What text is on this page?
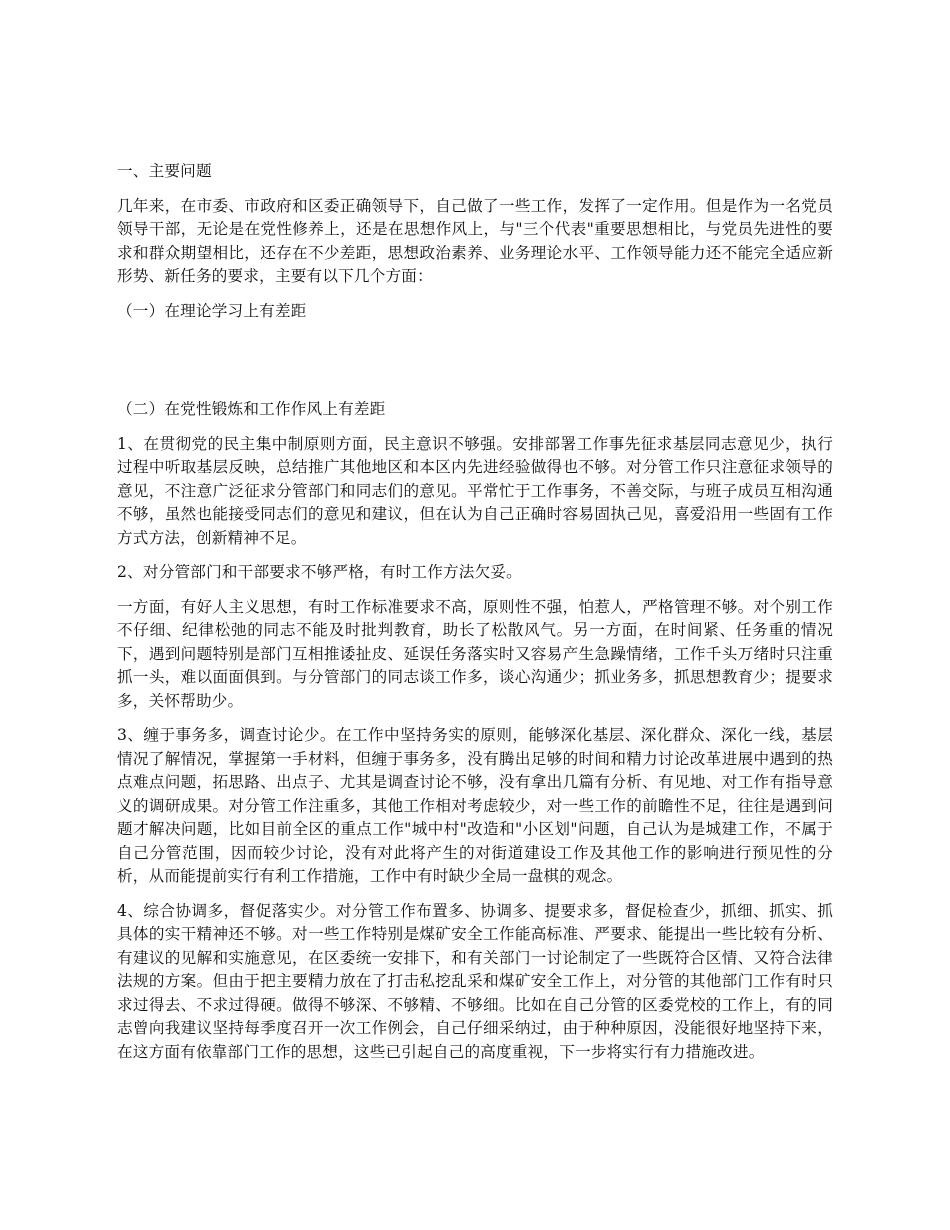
一、主要问题

几年来，在市委、市政府和区委正确领导下，自己做了一些工作，发挥了一定作用。但是作为一名党员领导干部，无论是在党性修养上，还是在思想作风上，与"三个代表"重要思想相比，与党员先进性的要求和群众期望相比，还存在不少差距，思想政治素养、业务理论水平、工作领导能力还不能完全适应新形势、新任务的要求，主要有以下几个方面：

（一）在理论学习上有差距

（二）在党性锻炼和工作作风上有差距

1、在贯彻党的民主集中制原则方面，民主意识不够强。安排部署工作事先征求基层同志意见少，执行过程中听取基层反映，总结推广其他地区和本区内先进经验做得也不够。对分管工作只注意征求领导的意见，不注意广泛征求分管部门和同志们的意见。平常忙于工作事务，不善交际，与班子成员互相沟通不够，虽然也能接受同志们的意见和建议，但在认为自己正确时容易固执己见，喜爱沿用一些固有工作方式方法，创新精神不足。

2、对分管部门和干部要求不够严格，有时工作方法欠妥。

一方面，有好人主义思想，有时工作标准要求不高，原则性不强，怕惹人，严格管理不够。对个别工作不仔细、纪律松弛的同志不能及时批判教育，助长了松散风气。另一方面，在时间紧、任务重的情况下，遇到问题特别是部门互相推诿扯皮、延误任务落实时又容易产生急躁情绪，工作千头万绪时只注重抓一头，难以面面俱到。与分管部门的同志谈工作多，谈心沟通少；抓业务多，抓思想教育少；提要求多，关怀帮助少。

3、缠于事务多，调查讨论少。在工作中坚持务实的原则，能够深化基层、深化群众、深化一线，基层情况了解情况，掌握第一手材料，但缠于事务多，没有腾出足够的时间和精力讨论改革进展中遇到的热点难点问题，拓思路、出点子、尤其是调查讨论不够，没有拿出几篇有分析、有见地、对工作有指导意义的调研成果。对分管工作注重多，其他工作相对考虑较少，对一些工作的前瞻性不足，往往是遇到问题才解决问题，比如目前全区的重点工作"城中村"改造和"小区划"问题，自己认为是城建工作，不属于自己分管范围，因而较少讨论，没有对此将产生的对街道建设工作及其他工作的影响进行预见性的分析，从而能提前实行有利工作措施，工作中有时缺少全局一盘棋的观念。

4、综合协调多，督促落实少。对分管工作布置多、协调多、提要求多，督促检查少，抓细、抓实、抓具体的实干精神还不够。对一些工作特别是煤矿安全工作能高标准、严要求、能提出一些比较有分析、有建议的见解和实施意见，在区委统一安排下，和有关部门一讨论制定了一些既符合区情、又符合法律法规的方案。但由于把主要精力放在了打击私挖乱采和煤矿安全工作上，对分管的其他部门工作有时只求过得去、不求过得硬。做得不够深、不够精、不够细。比如在自己分管的区委党校的工作上，有的同志曾向我建议坚持每季度召开一次工作例会，自己仔细采纳过，由于种种原因，没能很好地坚持下来，在这方面有依靠部门工作的思想，这些已引起自己的高度重视，下一步将实行有力措施改进。
